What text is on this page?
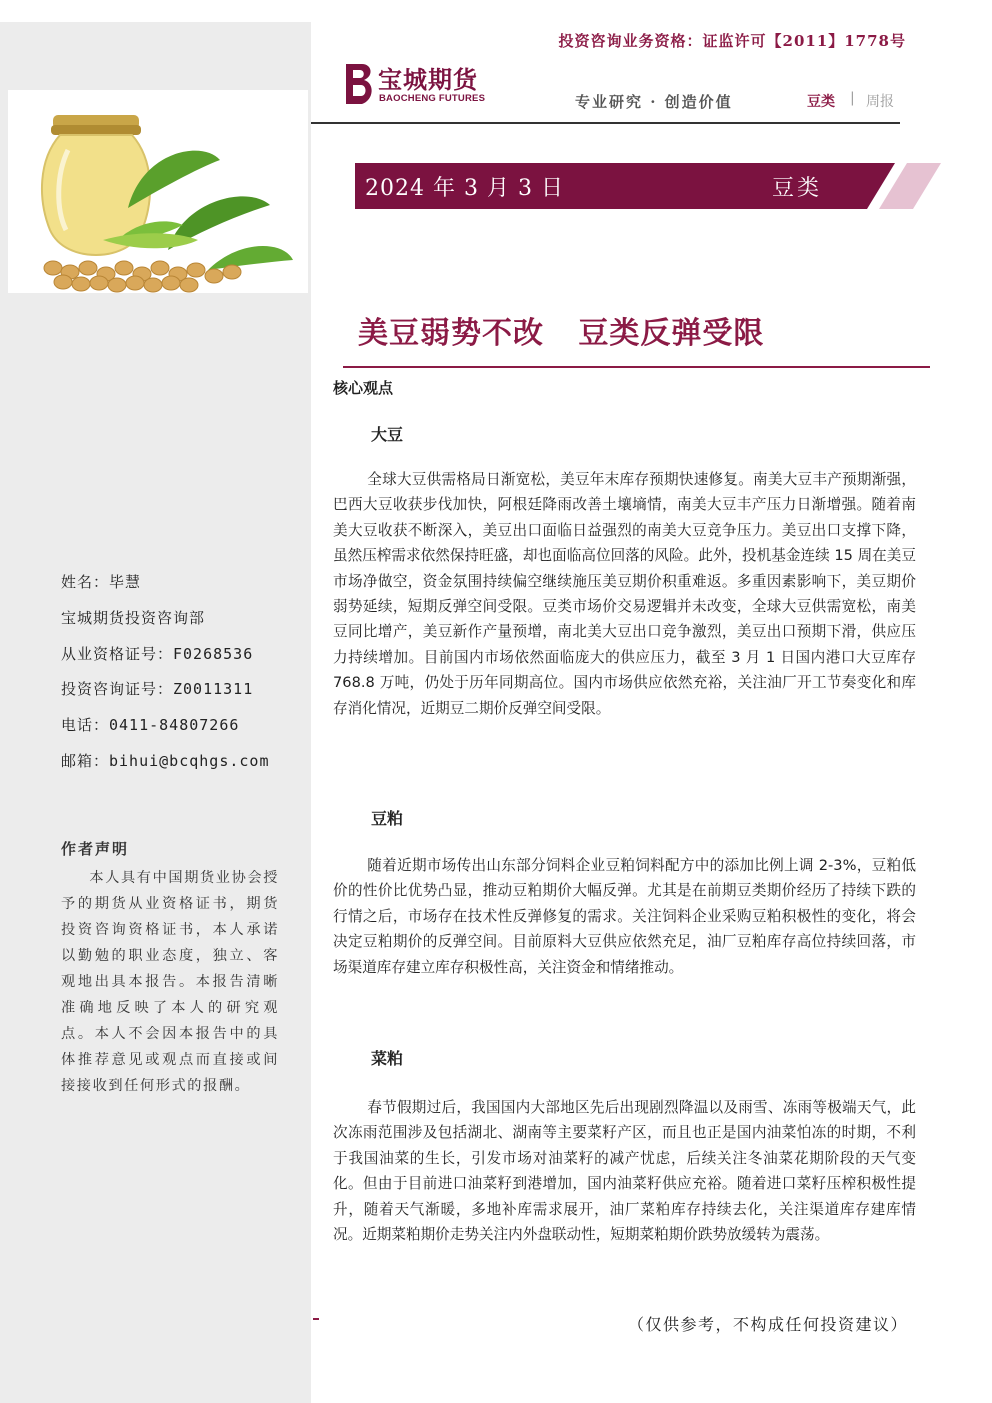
姓名：毕慧
宝城期货投资咨询部
从业资格证号：F0268536
投资咨询证号：Z0011311
电话：0411-84807266
邮箱：bihui@bcqhgs.com
作者声明

本人具有中国期货业协会授予的期货从业资格证书，期货投资咨询资格证书，本人承诺以勤勉的职业态度，独立、客观地出具本报告。本报告清晰准确地反映了本人的研究观点。本人不会因本报告中的具体推荐意见或观点而直接或间接接收到任何形式的报酬。

投资咨询业务资格：证监许可【2011】1778号
宝城期货
BAOCHENG FUTURES	专业研究 · 创造价值	豆类 | 周报
2024 年 3 月 3 日	豆类
美豆弱势不改   豆类反弹受限
核心观点
大豆
全球大豆供需格局日渐宽松，美豆年末库存预期快速修复。南美大豆丰产预期渐强，巴西大豆收获步伐加快，阿根廷降雨改善土壤墒情，南美大豆丰产压力日渐增强。随着南美大豆收获不断深入，美豆出口面临日益强烈的南美大豆竞争压力。美豆出口支撑下降，虽然压榨需求依然保持旺盛，却也面临高位回落的风险。此外，投机基金连续 15 周在美豆市场净做空，资金氛围持续偏空继续施压美豆期价积重难返。多重因素影响下，美豆期价弱势延续，短期反弹空间受限。豆类市场价交易逻辑并未改变，全球大豆供需宽松，南美豆同比增产，美豆新作产量预增，南北美大豆出口竞争激烈，美豆出口预期下滑，供应压力持续增加。目前国内市场依然面临庞大的供应压力，截至 3 月 1 日国内港口大豆库存 768.8 万吨，仍处于历年同期高位。国内市场供应依然充裕，关注油厂开工节奏变化和库存消化情况，近期豆二期价反弹空间受限。
豆粕
随着近期市场传出山东部分饲料企业豆粕饲料配方中的添加比例上调 2-3%，豆粕低价的性价比优势凸显，推动豆粕期价大幅反弹。尤其是在前期豆类期价经历了持续下跌的行情之后，市场存在技术性反弹修复的需求。关注饲料企业采购豆粕积极性的变化，将会决定豆粕期价的反弹空间。目前原料大豆供应依然充足，油厂豆粕库存高位持续回落，市场渠道库存建立库存积极性高，关注资金和情绪推动。
菜粕
春节假期过后，我国国内大部地区先后出现剧烈降温以及雨雪、冻雨等极端天气，此次冻雨范围涉及包括湖北、湖南等主要菜籽产区，而且也正是国内油菜怕冻的时期，不利于我国油菜的生长，引发市场对油菜籽的减产忧虑，后续关注冬油菜花期阶段的天气变化。但由于目前进口油菜籽到港增加，国内油菜籽供应充裕。随着进口菜籽压榨积极性提升，随着天气渐暖，多地补库需求展开，油厂菜粕库存持续去化，关注渠道库存建库情况。近期菜粕期价走势关注内外盘联动性，短期菜粕期价跌势放缓转为震荡。
（仅供参考，不构成任何投资建议）
